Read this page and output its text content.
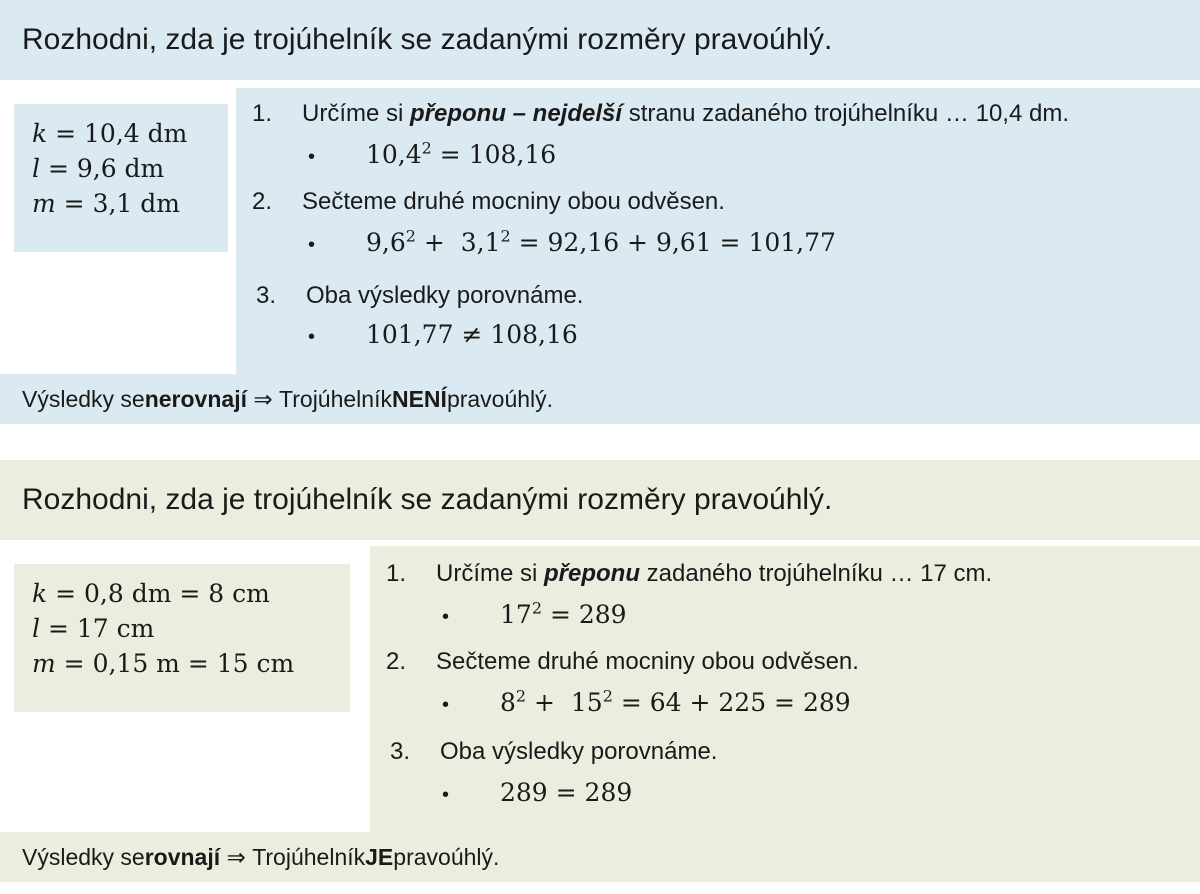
Rozhodni, zda je trojúhelník se zadanými rozměry pravoúhlý.
k = 10,4 dm
l = 9,6 dm
m = 3,1 dm
1. Určíme si přeponu – nejdelší stranu zadaného trojúhelníku … 10,4 dm.
• $10,4^2 = 108,16$
2. Sečteme druhé mocniny obou odvěsen.
• $9,6^2 + 3,1^2 = 92,16 + 9,61 = 101,77$
3. Oba výsledky porovnáme.
• 101,77 ≠ 108,16
Výsledky se nerovnají ⇒ Trojúhelník NENÍ pravoúhlý.
Rozhodni, zda je trojúhelník se zadanými rozměry pravoúhlý.
k = 0,8 dm = 8 cm
l = 17 cm
m = 0,15 m = 15 cm
1. Určíme si přeponu zadaného trojúhelníku … 17 cm.
• $17^2 = 289$
2. Sečteme druhé mocniny obou odvěsen.
• $8^2 + 15^2 = 64 + 225 = 289$
3. Oba výsledky porovnáme.
• 289 = 289
Výsledky se rovnají ⇒ Trojúhelník JE pravoúhlý.
